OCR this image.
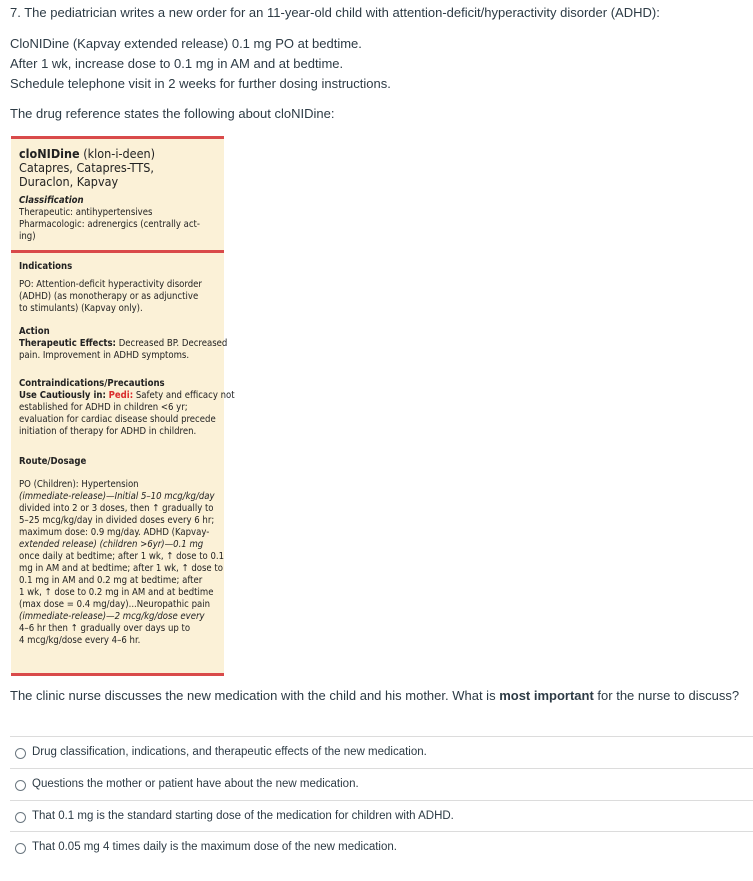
7. The pediatrician writes a new order for an 11-year-old child with attention-deficit/hyperactivity disorder (ADHD):
CloNIDine (Kapvay extended release) 0.1 mg PO at bedtime.
After 1 wk, increase dose to 0.1 mg in AM and at bedtime.
Schedule telephone visit in 2 weeks for further dosing instructions.
The drug reference states the following about cloNIDine:
cloNIDine (klon-i-deen)
Catapres, Catapres-TTS,
Duraclon, Kapvay
Classification
Therapeutic: antihypertensives
Pharmacologic: adrenergics (centrally act-
ing)
Indications
PO: Attention-deficit hyperactivity disorder
(ADHD) (as monotherapy or as adjunctive
to stimulants) (Kapvay only).
Action
Therapeutic Effects: Decreased BP. Decreased
pain. Improvement in ADHD symptoms.
Contraindications/Precautions
Use Cautiously in: Pedi: Safety and efficacy not
established for ADHD in children <6 yr;
evaluation for cardiac disease should precede
initiation of therapy for ADHD in children.
Route/Dosage
PO (Children): Hypertension
(immediate-release)—Initial 5–10 mcg/kg/day
divided into 2 or 3 doses, then ↑ gradually to
5–25 mcg/kg/day in divided doses every 6 hr;
maximum dose: 0.9 mg/day. ADHD (Kapvay-
extended release) (children >6yr)—0.1 mg
once daily at bedtime; after 1 wk, ↑ dose to 0.1
mg in AM and at bedtime; after 1 wk, ↑ dose to
0.1 mg in AM and 0.2 mg at bedtime; after
1 wk, ↑ dose to 0.2 mg in AM and at bedtime
(max dose = 0.4 mg/day)...Neuropathic pain
(immediate-release)—2 mcg/kg/dose every
4–6 hr then ↑ gradually over days up to
4 mcg/kg/dose every 4–6 hr.
The clinic nurse discusses the new medication with the child and his mother. What is most important for the nurse to discuss?
Drug classification, indications, and therapeutic effects of the new medication.
Questions the mother or patient have about the new medication.
That 0.1 mg is the standard starting dose of the medication for children with ADHD.
That 0.05 mg 4 times daily is the maximum dose of the new medication.
